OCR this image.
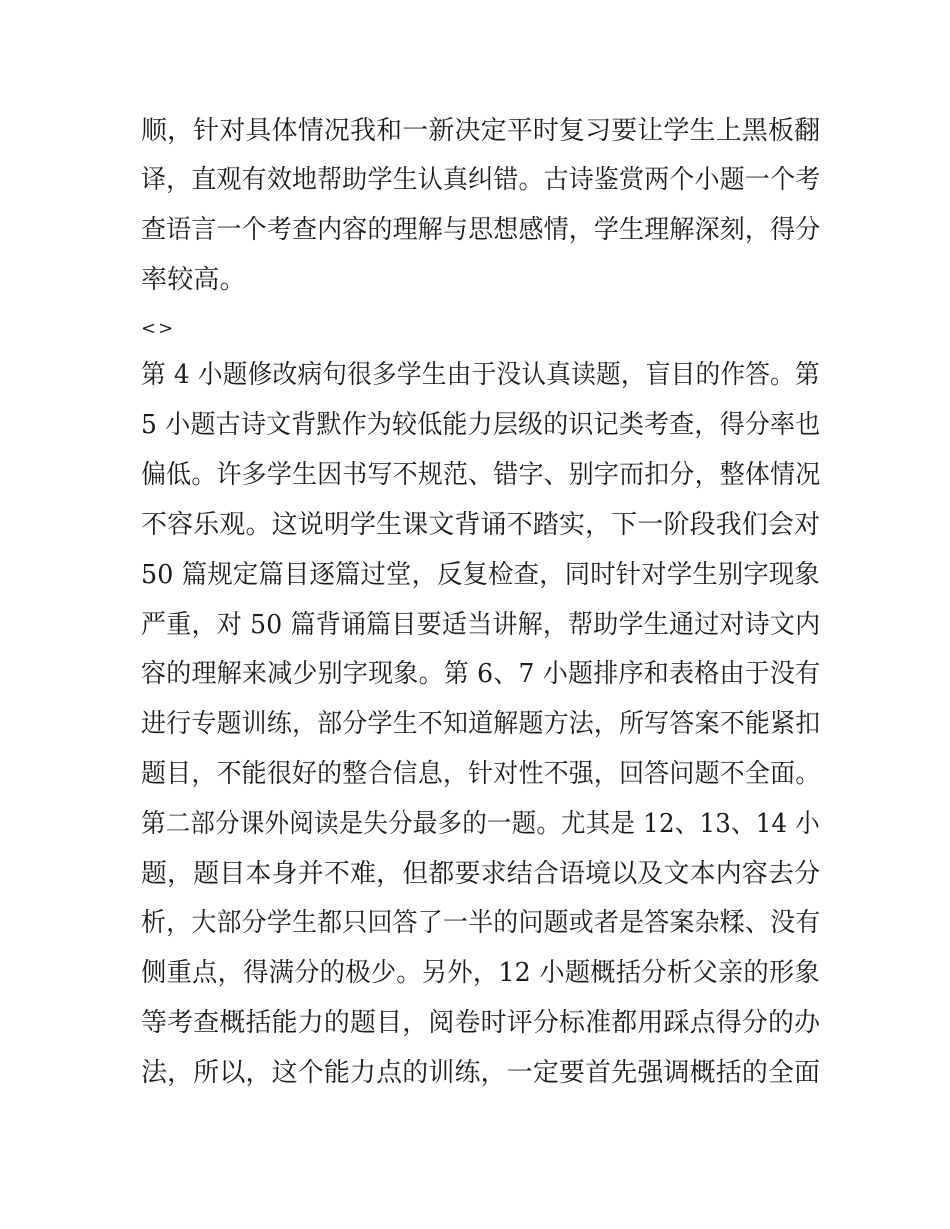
顺，针对具体情况我和一新决定平时复习要让学生上黑板翻
译，直观有效地帮助学生认真纠错。古诗鉴赏两个小题一个考
查语言一个考查内容的理解与思想感情，学生理解深刻，得分
率较高。
<>
第 4 小题修改病句很多学生由于没认真读题，盲目的作答。第
5 小题古诗文背默作为较低能力层级的识记类考查，得分率也
偏低。许多学生因书写不规范、错字、别字而扣分，整体情况
不容乐观。这说明学生课文背诵不踏实，下一阶段我们会对
50 篇规定篇目逐篇过堂，反复检查，同时针对学生别字现象
严重，对 50 篇背诵篇目要适当讲解，帮助学生通过对诗文内
容的理解来减少别字现象。第 6、7 小题排序和表格由于没有
进行专题训练，部分学生不知道解题方法，所写答案不能紧扣
题目，不能很好的整合信息，针对性不强，回答问题不全面。
第二部分课外阅读是失分最多的一题。尤其是 12、13、14 小
题，题目本身并不难，但都要求结合语境以及文本内容去分
析，大部分学生都只回答了一半的问题或者是答案杂糅、没有
侧重点，得满分的极少。另外，12 小题概括分析父亲的形象
等考查概括能力的题目，阅卷时评分标准都用踩点得分的办
法，所以，这个能力点的训练，一定要首先强调概括的全面
